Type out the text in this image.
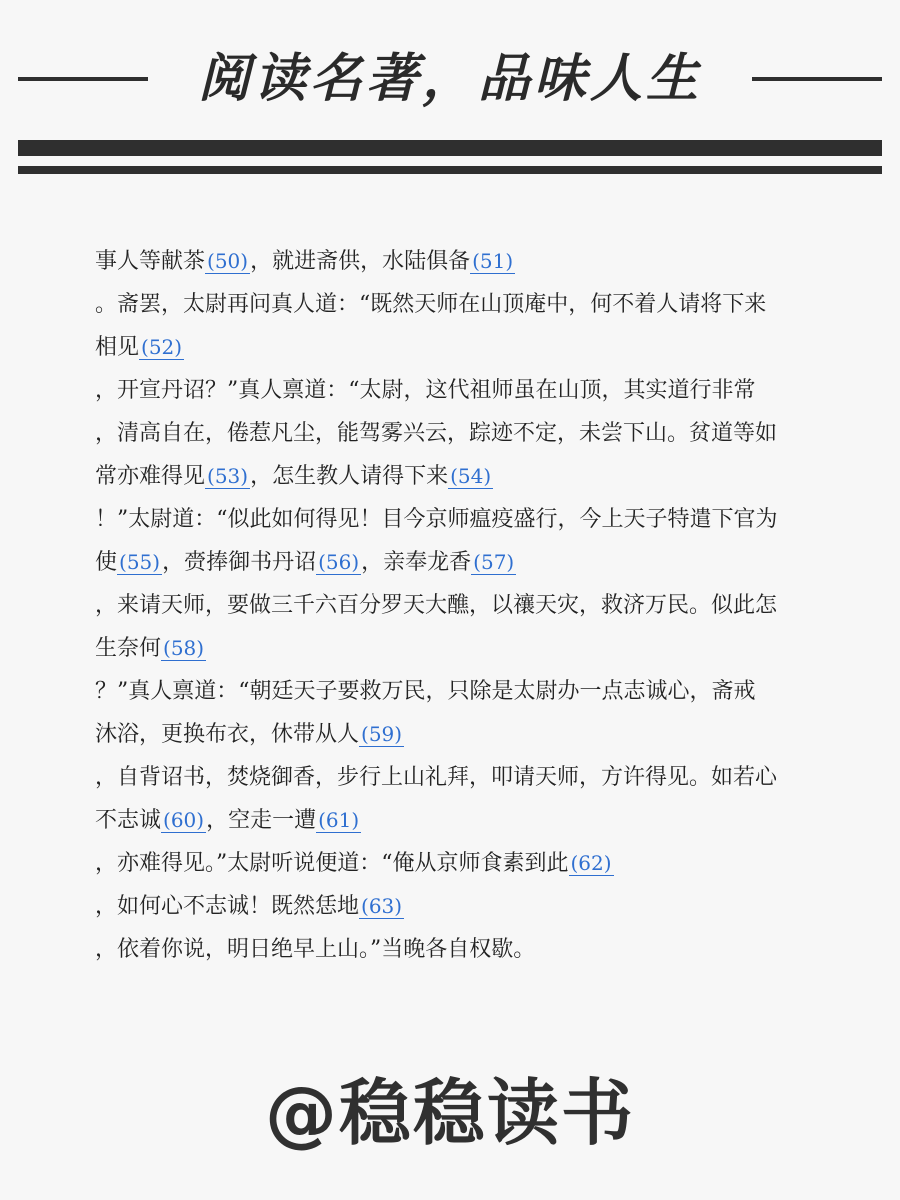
阅读名著，品味人生
事人等献茶 (50)，就进斋供，水陆俱备 (51)
。斋罢，太尉再问真人道：“既然天师在山顶庵中，何不着人请将下来
相见 (52)
，开宣丹诏？”真人禀道：“太尉，这代祖师虽在山顶，其实道行非常
，清高自在，倦惹凡尘，能驾雾兴云，踪迹不定，未尝下山。贫道等如
常亦难得见 (53)，怎生教人请得下来 (54)
！”太尉道：“似此如何得见！目今京师瘟疫盛行，今上天子特遣下官为
使 (55)，赍捧御书丹诏 (56)，亲奉龙香 (57)
，来请天师，要做三千六百分罗天大醮，以禳天灾，救济万民。似此怎
生奈何 (58)
？”真人禀道：“朝廷天子要救万民，只除是太尉办一点志诚心，斋戒
沐浴，更换布衣，休带从人 (59)
，自背诏书，焚烧御香，步行上山礼拜，叩请天师，方许得见。如若心
不志诚 (60)，空走一遭 (61)
，亦难得见。”太尉听说便道：“俺从京师食素到此 (62)
，如何心不志诚！既然恁地 (63)
，依着你说，明日绝早上山。”当晚各自权歇。
@稳稳读书
